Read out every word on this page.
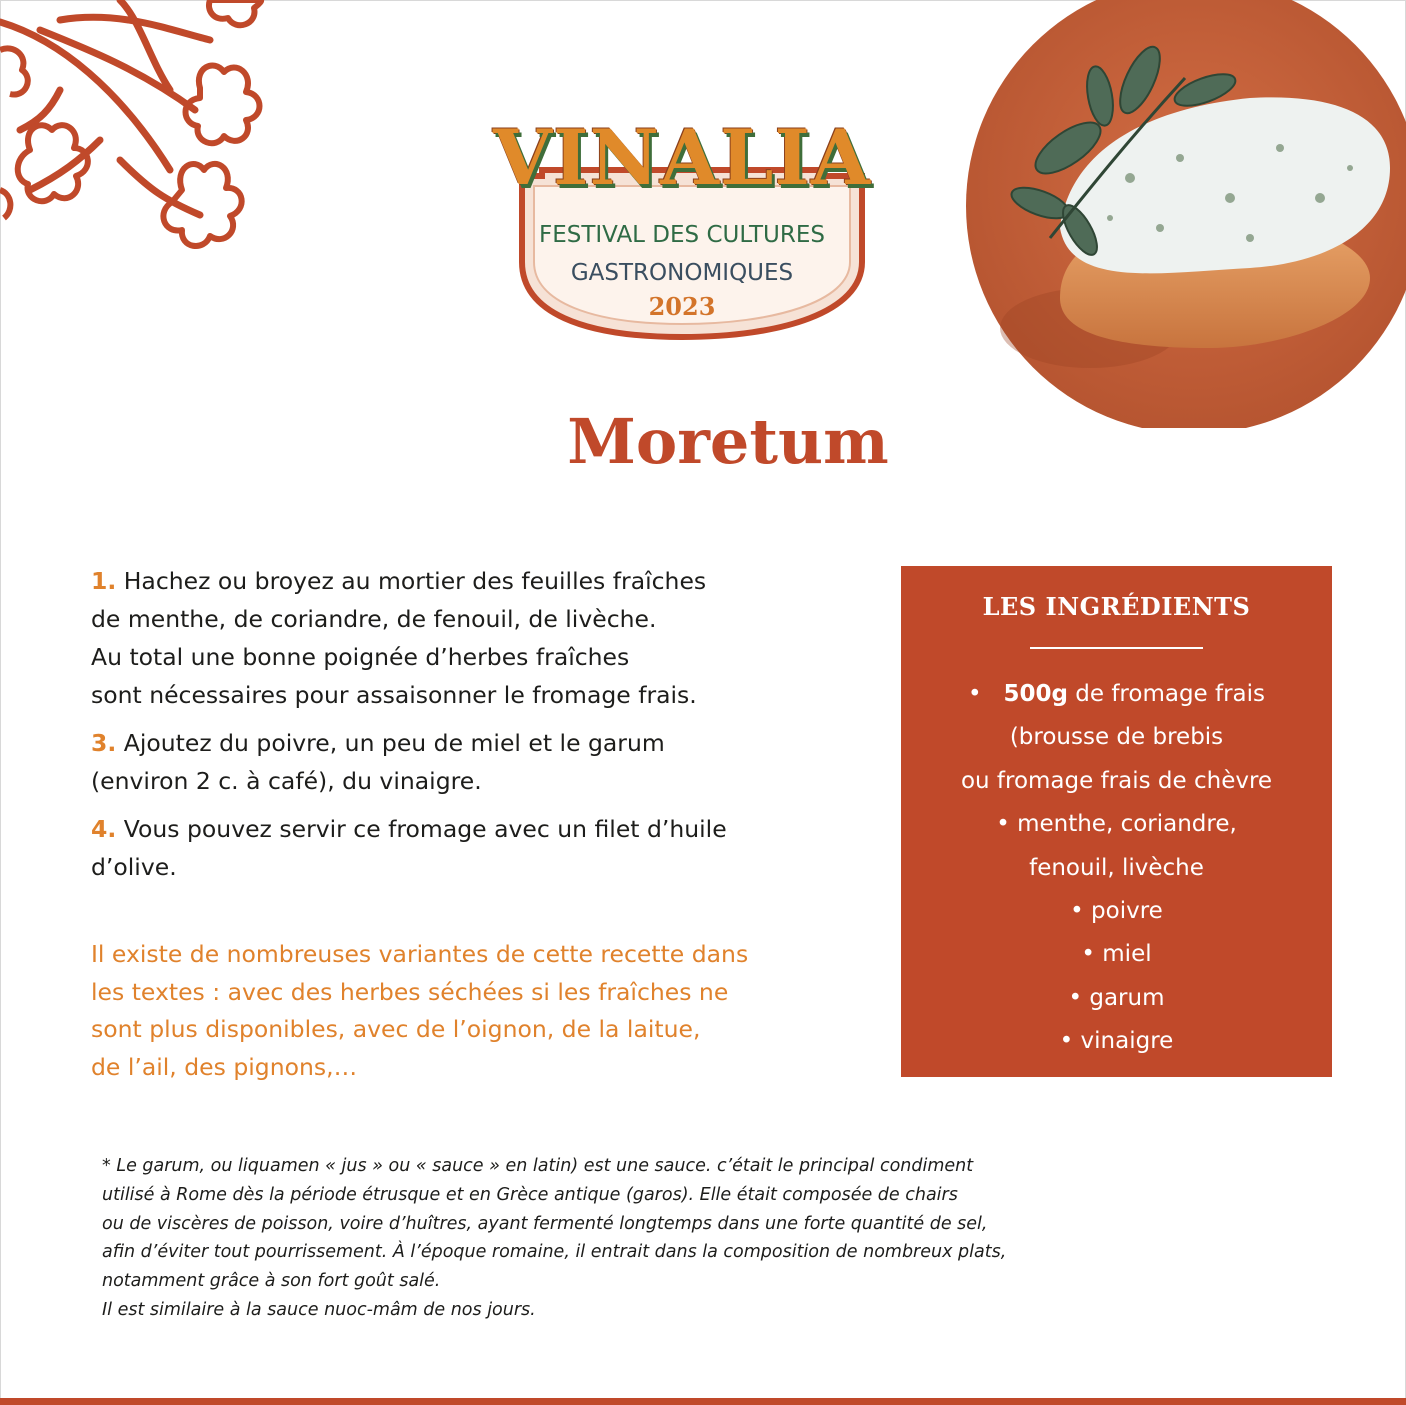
VINALIA
FESTIVAL DES CULTURES
GASTRONOMIQUES
2023
Moretum
1. Hachez ou broyez au mortier des feuilles fraîches
de menthe, de coriandre, de fenouil, de livèche.
Au total une bonne poignée d’herbes fraîches
sont nécessaires pour assaisonner le fromage frais.
3. Ajoutez du poivre, un peu de miel et le garum
(environ 2 c. à café), du vinaigre.
4. Vous pouvez servir ce fromage avec un filet d’huile
d’olive.
Il existe de nombreuses variantes de cette recette dans
les textes : avec des herbes séchées si les fraîches ne
sont plus disponibles, avec de l’oignon, de la laitue,
de l’ail, des pignons,…
LES INGRÉDIENTS
• 500g de fromage frais
(brousse de brebis
ou fromage frais de chèvre
• menthe, coriandre,
fenouil, livèche
• poivre
• miel
• garum
• vinaigre
* Le garum, ou liquamen « jus » ou « sauce » en latin) est une sauce. c’était le principal condiment
utilisé à Rome dès la période étrusque et en Grèce antique (garos). Elle était composée de chairs
ou de viscères de poisson, voire d’huîtres, ayant fermenté longtemps dans une forte quantité de sel,
afin d’éviter tout pourrissement. À l’époque romaine, il entrait dans la composition de nombreux plats,
notamment grâce à son fort goût salé.
Il est similaire à la sauce nuoc-mâm de nos jours.
